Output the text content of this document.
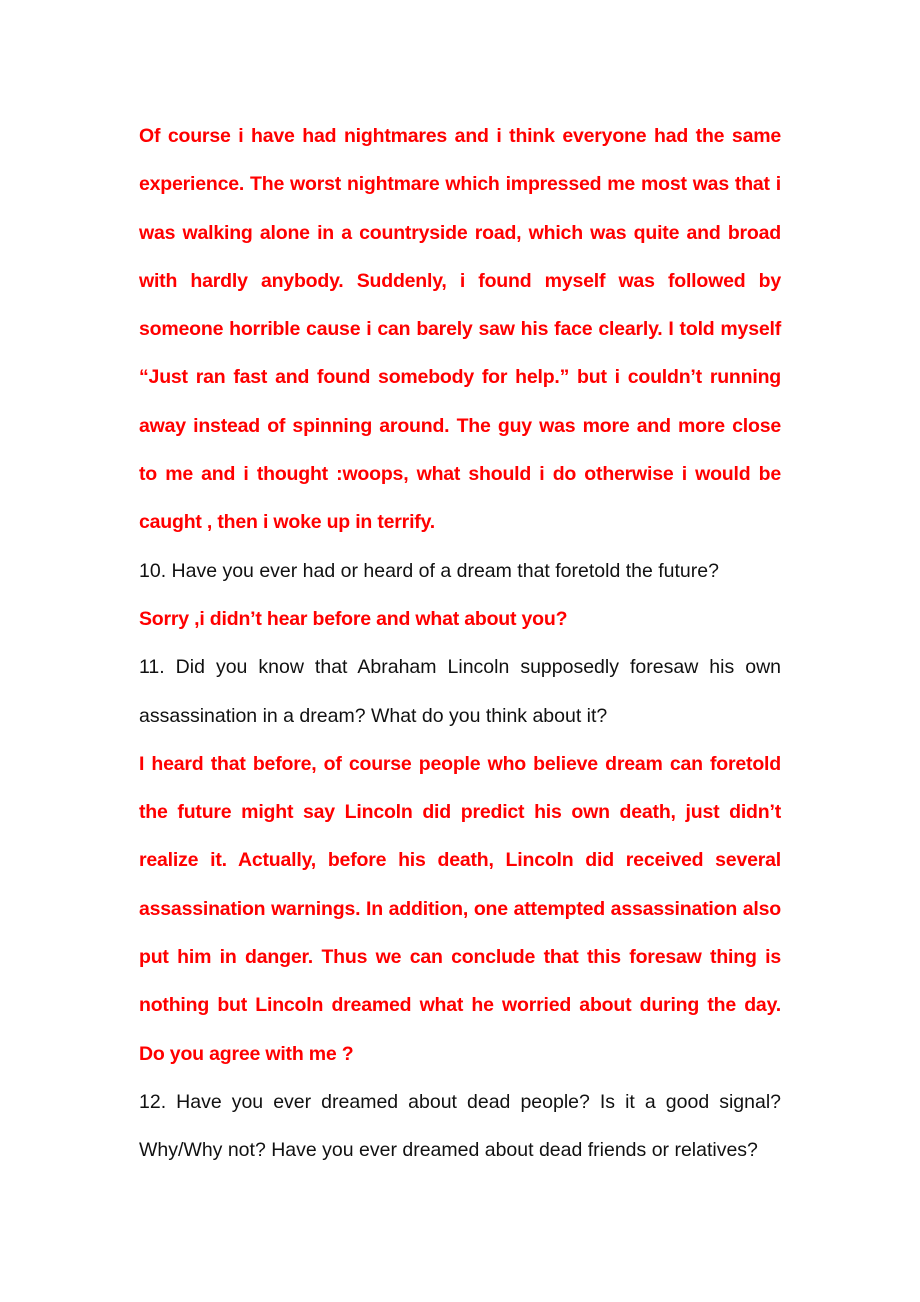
Of course i have had nightmares and i think everyone had the same experience. The worst nightmare which impressed me most was that i was walking alone in a countryside road, which was quite and broad with hardly anybody. Suddenly, i found myself was followed by someone horrible cause i can barely saw his face clearly. I told myself “Just ran fast and found somebody for help.” but i couldn’t running away instead of spinning around. The guy was more and more close to me and i thought :woops, what should i do otherwise i would be caught , then i woke up in terrify.

10. Have you ever had or heard of a dream that foretold the future?

Sorry ,i didn’t hear before and what about you?

11. Did you know that Abraham Lincoln supposedly foresaw his own assassination in a dream? What do you think about it?

I heard that before, of course people who believe dream can foretold the future might say Lincoln did predict his own death, just didn’t realize it. Actually, before his death, Lincoln did received several assassination warnings. In addition, one attempted assassination also put him in danger. Thus we can conclude that this foresaw thing is nothing but Lincoln dreamed what he worried about during the day. Do you agree with me ?

12. Have you ever dreamed about dead people? Is it a good signal? Why/Why not? Have you ever dreamed about dead friends or relatives?
